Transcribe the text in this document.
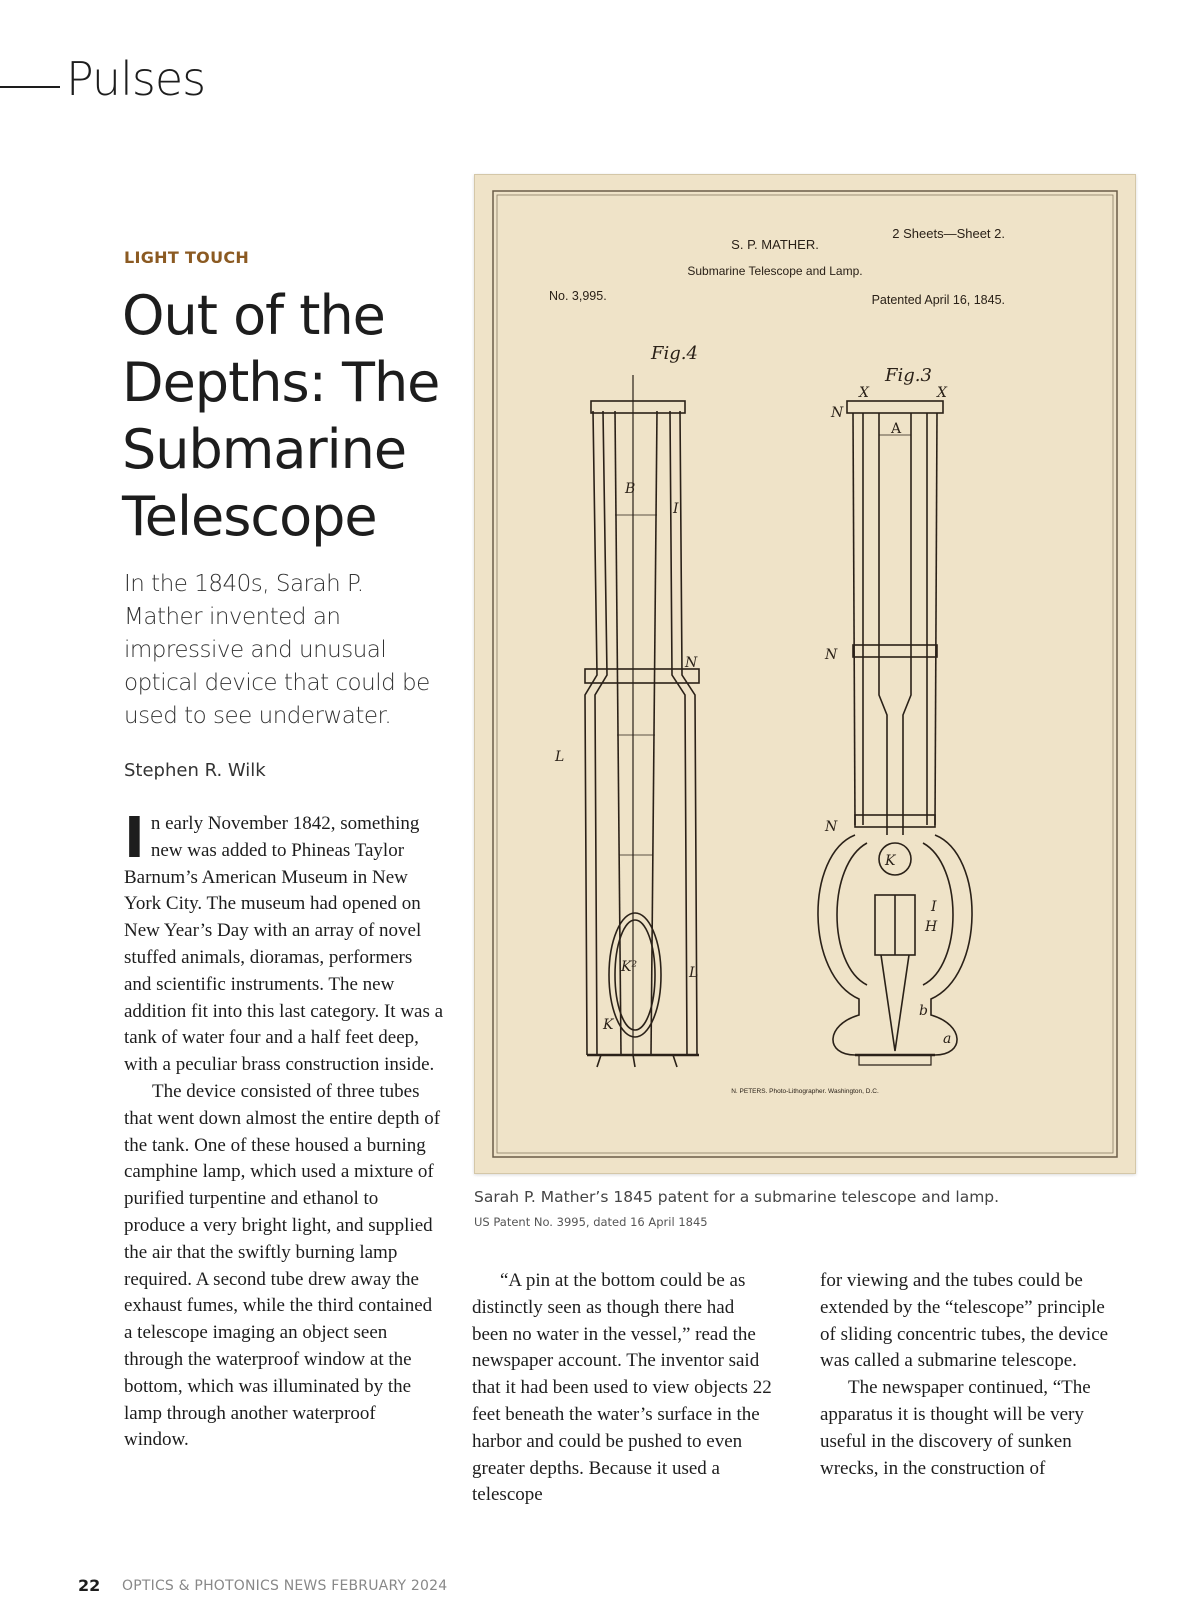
Pulses
LIGHT TOUCH
Out of the Depths: The Submarine Telescope
In the 1840s, Sarah P. Mather invented an impressive and unusual optical device that could be used to see underwater.
Stephen R. Wilk

In early November 1842, something new was added to Phineas Taylor Barnum’s American Museum in New York City. The museum had opened on New Year’s Day with an array of novel stuffed animals, dioramas, performers and scientific instruments. The new addition fit into this last category. It was a tank of water four and a half feet deep, with a peculiar brass construction inside.

The device consisted of three tubes that went down almost the entire depth of the tank. One of these housed a burning camphine lamp, which used a mixture of purified turpentine and ethanol to produce a very bright light, and supplied the air that the swiftly burning lamp required. A second tube drew away the exhaust fumes, while the third contained a telescope imaging an object seen through the waterproof window at the bottom, which was illuminated by the lamp through another waterproof window.

2 Sheets—Sheet 2.
S. P. MATHER.
Submarine Telescope and Lamp.
No. 3,995.	Patented April 16, 1845.
Fig.4
Fig.3
B
I
N
L
K²	L
K
X	X
N
A
N
N
K
I
H
b
a
N. PETERS. Photo-Lithographer. Washington, D.C.
Sarah P. Mather’s 1845 patent for a submarine telescope and lamp.
US Patent No. 3995, dated 16 April 1845

“A pin at the bottom could be as distinctly seen as though there had been no water in the vessel,” read the newspaper account. The inventor said that it had been used to view objects 22 feet beneath the water’s surface in the harbor and could be pushed to even greater depths. Because it used a telescope

for viewing and the tubes could be extended by the “telescope” principle of sliding concentric tubes, the device was called a submarine telescope.

The newspaper continued, “The apparatus it is thought will be very useful in the discovery of sunken wrecks, in the construction of

22 OPTICS & PHOTONICS NEWS FEBRUARY 2024
